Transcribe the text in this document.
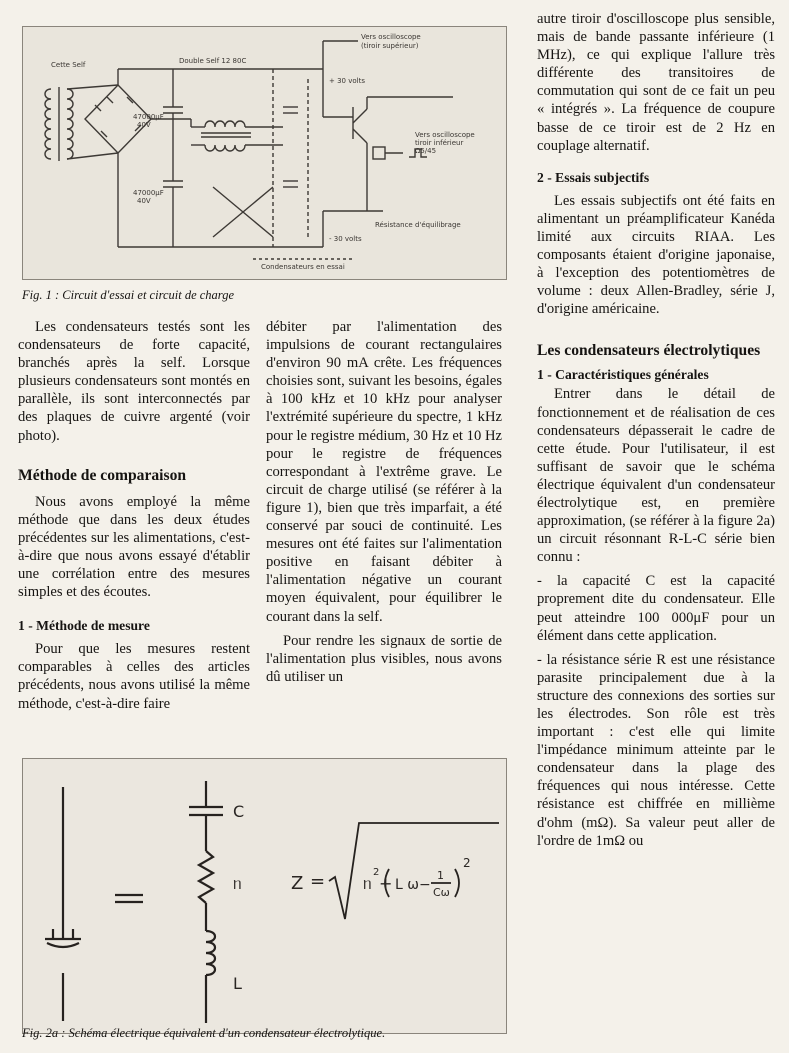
Cette Self	Double Self 12 80C
Vers oscilloscope
(tiroir supérieur)
+ 30 volts
Vers oscilloscope
tiroir inférieur
Ω5/45
47000μF
40V
47000μF
40V
- 30 volts
Résistance d'équilibrage
Condensateurs en essai
Fig. 1 : Circuit d'essai et circuit de charge
C
ᥒ
L
Z = ᥒ
2
+ L ω −
1
Cω
2
Fig. 2a : Schéma électrique équivalent d'un condensateur électrolytique.

Les condensateurs testés sont les condensateurs de forte capacité, branchés après la self. Lorsque plusieurs condensateurs sont montés en parallèle, ils sont interconnectés par des plaques de cuivre argenté (voir photo).

Méthode de comparaison

Nous avons employé la même méthode que dans les deux études précédentes sur les alimentations, c'est-à-dire que nous avons essayé d'établir une corrélation entre des mesures simples et des écoutes.

1 - Méthode de mesure

Pour que les mesures restent comparables à celles des articles précédents, nous avons utilisé la même méthode, c'est-à-dire faire

débiter par l'alimentation des impulsions de courant rectangulaires d'environ 90 mA crête. Les fréquences choisies sont, suivant les besoins, égales à 100 kHz et 10 kHz pour analyser l'extrémité supérieure du spectre, 1 kHz pour le registre médium, 30 Hz et 10 Hz pour le registre de fréquences correspondant à l'extrême grave. Le circuit de charge utilisé (se référer à la figure 1), bien que très imparfait, a été conservé par souci de continuité. Les mesures ont été faites sur l'alimentation positive en faisant débiter à l'alimentation négative un courant moyen équivalent, pour équilibrer le courant dans la self.

Pour rendre les signaux de sortie de l'alimentation plus visibles, nous avons dû utiliser un

autre tiroir d'oscilloscope plus sensible, mais de bande passante inférieure (1 MHz), ce qui explique l'allure très différente des transitoires de commutation qui sont de ce fait un peu « intégrés ». La fréquence de coupure basse de ce tiroir est de 2 Hz en couplage alternatif.

2 - Essais subjectifs

Les essais subjectifs ont été faits en alimentant un préamplificateur Kanéda limité aux circuits RIAA. Les composants étaient d'origine japonaise, à l'exception des potentiomètres de volume : deux Allen-Bradley, série J, d'origine américaine.

Les condensateurs électrolytiques
1 - Caractéristiques générales

Entrer dans le détail de fonctionnement et de réalisation de ces condensateurs dépasserait le cadre de cette étude. Pour l'utilisateur, il est suffisant de savoir que le schéma électrique équivalent d'un condensateur électrolytique est, en première approximation, (se référer à la figure 2a) un circuit résonnant R-L-C série bien connu :

- la capacité C est la capacité proprement dite du condensateur. Elle peut atteindre 100 000μF pour un élément dans cette application.

- la résistance série R est une résistance parasite principalement due à la structure des connexions des sorties sur les électrodes. Son rôle est très important : c'est elle qui limite l'impédance minimum atteinte par le condensateur dans la plage des fréquences qui nous intéresse. Cette résistance est chiffrée en millième d'ohm (mΩ). Sa valeur peut aller de l'ordre de 1mΩ ou
